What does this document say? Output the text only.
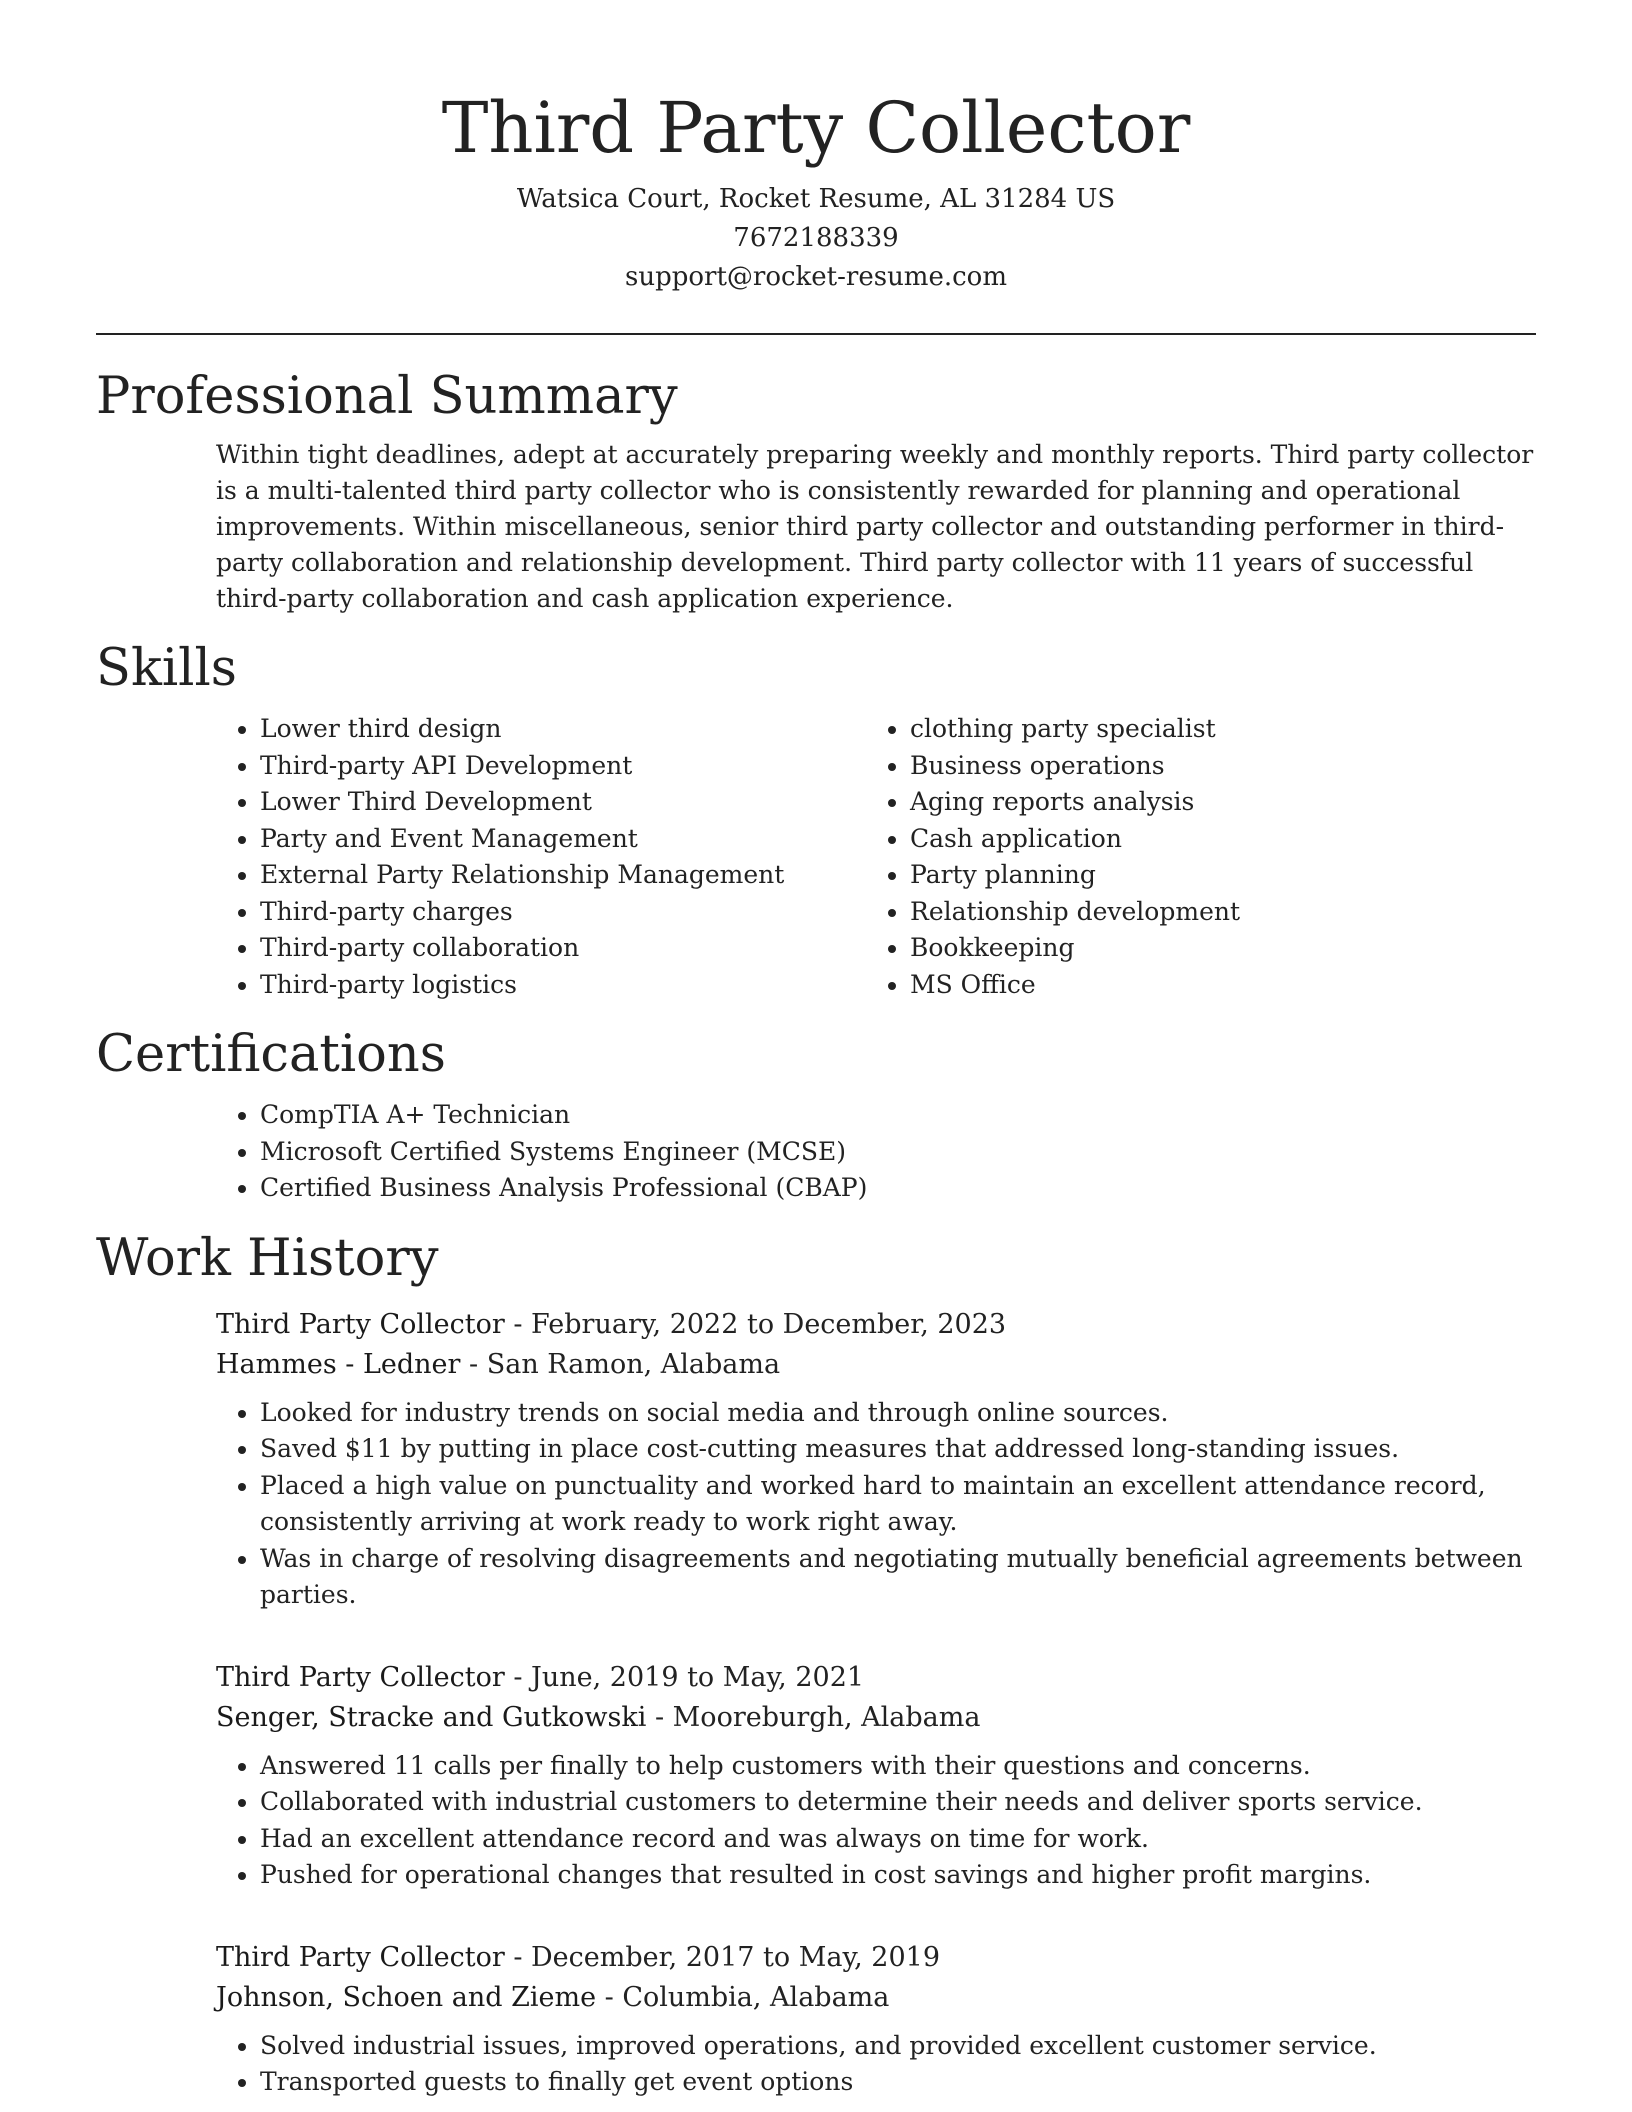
Third Party Collector

Watsica Court, Rocket Resume, AL 31284 US

7672188339

support@rocket-resume.com

Professional Summary

Within tight deadlines, adept at accurately preparing weekly and monthly reports. Third party collector is a multi-talented third party collector who is consistently rewarded for planning and operational improvements. Within miscellaneous, senior third party collector and outstanding performer in third-party collaboration and relationship development. Third party collector with 11 years of successful third-party collaboration and cash application experience.

Skills
• Lower third design
• Third-party API Development
• Lower Third Development
• Party and Event Management
• External Party Relationship Management
• Third-party charges
• Third-party collaboration
• Third-party logistics
• clothing party specialist
• Business operations
• Aging reports analysis
• Cash application
• Party planning
• Relationship development
• Bookkeeping
• MS Office
Certifications
• CompTIA A+ Technician
• Microsoft Certified Systems Engineer (MCSE)
• Certified Business Analysis Professional (CBAP)
Work History

Third Party Collector - February, 2022 to December, 2023

Hammes - Ledner - San Ramon, Alabama

• Looked for industry trends on social media and through online sources.
• Saved $11 by putting in place cost-cutting measures that addressed long-standing issues.
• Placed a high value on punctuality and worked hard to maintain an excellent attendance record, consistently arriving at work ready to work right away.
• Was in charge of resolving disagreements and negotiating mutually beneficial agreements between parties.

Third Party Collector - June, 2019 to May, 2021

Senger, Stracke and Gutkowski - Mooreburgh, Alabama

• Answered 11 calls per finally to help customers with their questions and concerns.
• Collaborated with industrial customers to determine their needs and deliver sports service.
• Had an excellent attendance record and was always on time for work.
• Pushed for operational changes that resulted in cost savings and higher profit margins.

Third Party Collector - December, 2017 to May, 2019

Johnson, Schoen and Zieme - Columbia, Alabama

• Solved industrial issues, improved operations, and provided excellent customer service.
• Transported guests to finally get event options
